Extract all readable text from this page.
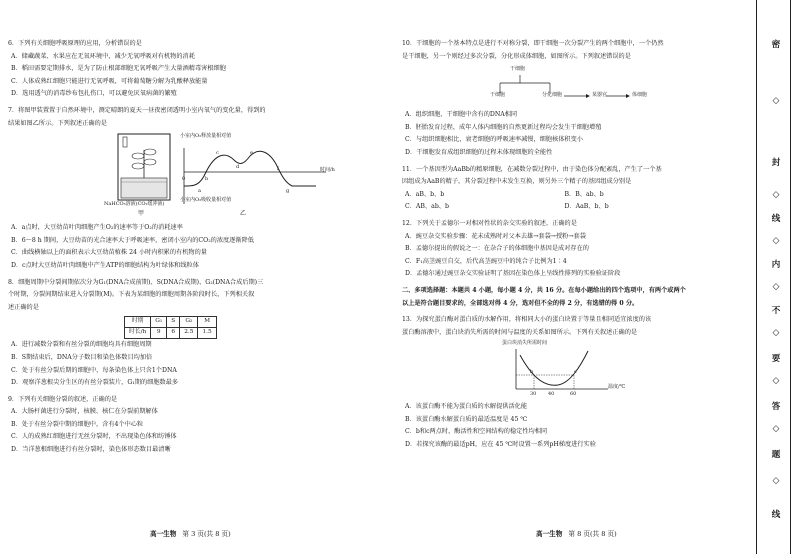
6．下列有关细胞呼吸原理的应用，分析错误的是
A．储藏蔬菜、水果应在无氧环境中，减少无氧呼吸对有机物的消耗
B．稻田需要定期排水，是为了防止根部细胞无氧呼吸产生大量酒精毒害根细胞
C．人体成熟红细胞只能进行无氧呼吸，可将葡萄糖分解为乳酸释放能量
D．选用透气的消毒纱布包扎伤口，可以避免厌氧病菌的繁殖
7．将图甲装置置于自然环境中，测定晴朗的夏天一昼夜密闭透明小室内氧气的变化量，得到的
结果如图乙所示。下列叙述正确的是
NaHCO₃溶液(CO₂缓冲液)
甲
小室内O₂释放量相对值
0	b
c
d
e
f
g
a
小室内O₂吸收量相对值
时间/h
乙
A．a点时，大豆幼苗叶肉细胞产生O₂的速率等于O₂的消耗速率
B．6～8 h 期间，大豆幼苗的光合速率大于呼吸速率，密闭小室内的CO₂的浓度逐渐降低
C．曲线横轴以上的面积表示大豆幼苗植株 24 小时内积累的有机物的量
D．c点时大豆幼苗叶肉细胞中产生ATP的细胞结构为叶绿体和线粒体
8．细胞周期中分裂间期依次分为G₁(DNA合成前期)、S(DNA合成期)、G₂(DNA合成后期)三
个时期，分裂间期结束进入分裂期(M)。下表为某细胞的细胞周期各阶段时长，下列相关叙
述正确的是
时期	G₁	S	G₂	M
时长/h	9	6	2.5	1.5
A．进行减数分裂和有丝分裂的细胞均具有细胞周期
B．S期结束后，DNA分子数目和染色体数目均加倍
C．处于有丝分裂后期的细胞中，每条染色体上只含1个DNA
D．观察洋葱根尖分生区的有丝分裂装片，G₁期的细胞数最多
9．下列有关细胞分裂的叙述，正确的是
A．大肠杆菌进行分裂时，核膜、核仁在分裂前期解体
B．处于有丝分裂中期的细胞中，含有4个中心粒
C．人的成熟红细胞进行无丝分裂时，不出现染色体和纺锤体
D．当洋葱根细胞进行有丝分裂时，染色体形态数目最清晰
高一生物 第 3 页(共 8 页)
10．干细胞的一个基本特点是进行不对称分裂，即干细胞一次分裂产生的两个细胞中，一个仍然
是干细胞，另一个则经过多次分裂，分化形成体细胞，如图所示。下列叙述错误的是
干细胞
干细胞	分化细胞	某器官	体细胞
A．组织细胞、干细胞中含有的DNA相同
B．胚胎发育过程，成年人体内细胞的自然更新过程均会发生干细胞增殖
C．与组织细胞相比，衰老细胞的呼吸速率减慢，细胞核体积变小
D．干细胞发育成组织细胞的过程未体现细胞的全能性
11．一个基因型为AaBb的精原细胞，在减数分裂过程中，由于染色体分配紊乱，产生了一个基
因组成为AaB的精子，其分裂过程中未发生互换，则另外三个精子的基因组成分别是
A．aB、b、b	B．B、ab、b
C．AB、ab、b	D．AaB、b、b
12．下列关于孟德尔一对相对性状的杂交实验的叙述，正确的是
A．豌豆杂交实验步骤：花未成熟时对父本去雄→套袋→授粉→套袋
B．孟德尔提出的假说之一：在杂合子的体细胞中基因是成对存在的
C．F₁高茎豌豆自交，后代高茎豌豆中的纯合子比例为1∶4
D．孟德尔通过豌豆杂交实验证明了基因在染色体上呈线性排列的实验验证阶段
二、多项选择题：本题共 4 小题，每小题 4 分，共 16 分。在每小题给出的四个选项中，有两个或两个
以上是符合题目要求的，全部选对得 4 分，选对但不全的得 2 分，有选错的得 0 分。
13．为探究蛋白酶对蛋白质的水解作用，将相同大小的蛋白块置于等量且相同适宜浓度的该
蛋白酶溶液中，蛋白块消失所需的时间与温度的关系如图所示。下列有关叙述正确的是
蛋白块消失所需时间
b	c
30 40	60
温度/℃
A．该蛋白酶不能为蛋白质的水解提供活化能
B．该蛋白酶水解蛋白质的最适温度是 45 ℃
C．b和c两点时，酶活性和空间结构的稳定性均相同
D．若探究该酶的最适pH，应在 45 ℃时设置一系列pH梯度进行实验
高一生物 第 8 页(共 8 页)
密
◇
封
◇
线
◇
内
◇
不
◇
要
◇
答
◇
题
◇
线
